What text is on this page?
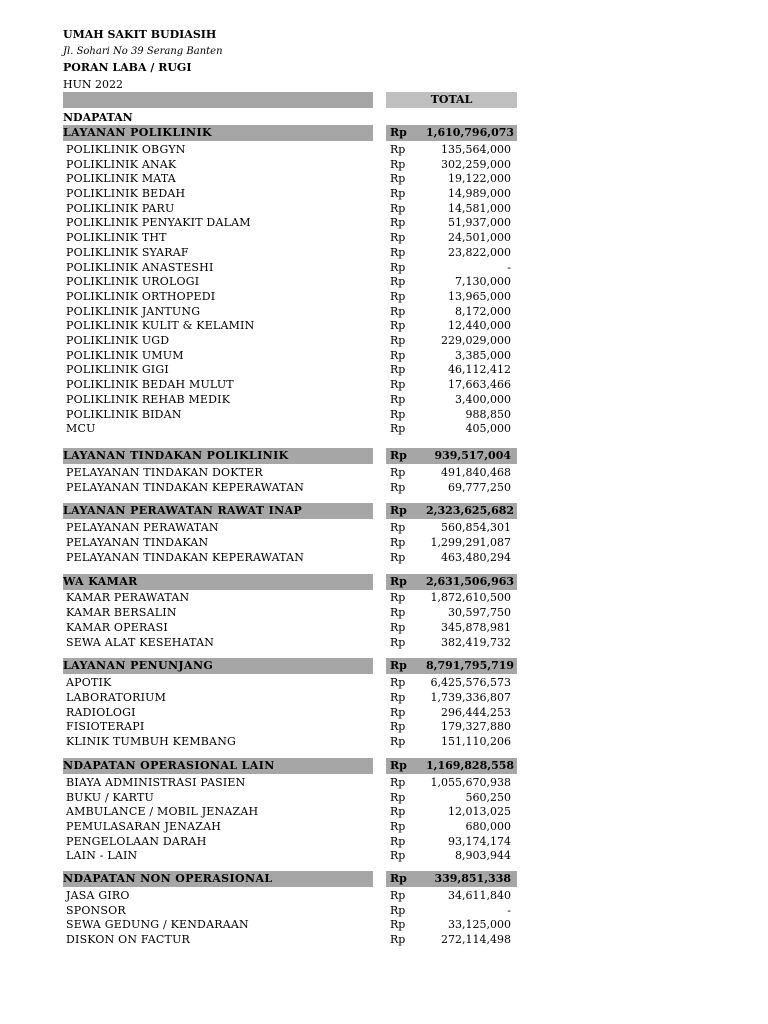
UMAH SAKIT BUDIASIH
Jl. Sohari No 39 Serang Banten
PORAN LABA / RUGI
HUN 2022
TOTAL
NDAPATAN
LAYANAN POLIKLINIK	Rp	1,610,796,073
POLIKLINIK OBGYN	Rp	135,564,000
POLIKLINIK ANAK	Rp	302,259,000
POLIKLINIK MATA	Rp	19,122,000
POLIKLINIK BEDAH	Rp	14,989,000
POLIKLINIK PARU	Rp	14,581,000
POLIKLINIK PENYAKIT DALAM	Rp	51,937,000
POLIKLINIK THT	Rp	24,501,000
POLIKLINIK SYARAF	Rp	23,822,000
POLIKLINIK ANASTESHI	Rp	-
POLIKLINIK UROLOGI	Rp	7,130,000
POLIKLINIK ORTHOPEDI	Rp	13,965,000
POLIKLINIK JANTUNG	Rp	8,172,000
POLIKLINIK KULIT & KELAMIN	Rp	12,440,000
POLIKLINIK UGD	Rp	229,029,000
POLIKLINIK UMUM	Rp	3,385,000
POLIKLINIK GIGI	Rp	46,112,412
POLIKLINIK BEDAH MULUT	Rp	17,663,466
POLIKLINIK REHAB MEDIK	Rp	3,400,000
POLIKLINIK BIDAN	Rp	988,850
MCU	Rp	405,000
LAYANAN TINDAKAN POLIKLINIK	Rp	939,517,004
PELAYANAN TINDAKAN DOKTER	Rp	491,840,468
PELAYANAN TINDAKAN KEPERAWATAN	Rp	69,777,250
LAYANAN PERAWATAN RAWAT INAP	Rp	2,323,625,682
PELAYANAN PERAWATAN	Rp	560,854,301
PELAYANAN TINDAKAN	Rp	1,299,291,087
PELAYANAN TINDAKAN KEPERAWATAN	Rp	463,480,294
WA KAMAR	Rp	2,631,506,963
KAMAR PERAWATAN	Rp	1,872,610,500
KAMAR BERSALIN	Rp	30,597,750
KAMAR OPERASI	Rp	345,878,981
SEWA ALAT KESEHATAN	Rp	382,419,732
LAYANAN PENUNJANG	Rp	8,791,795,719
APOTIK	Rp	6,425,576,573
LABORATORIUM	Rp	1,739,336,807
RADIOLOGI	Rp	296,444,253
FISIOTERAPI	Rp	179,327,880
KLINIK TUMBUH KEMBANG	Rp	151,110,206
NDAPATAN OPERASIONAL LAIN	Rp	1,169,828,558
BIAYA ADMINISTRASI PASIEN	Rp	1,055,670,938
BUKU / KARTU	Rp	560,250
AMBULANCE / MOBIL JENAZAH	Rp	12,013,025
PEMULASARAN JENAZAH	Rp	680,000
PENGELOLAAN DARAH	Rp	93,174,174
LAIN - LAIN	Rp	8,903,944
NDAPATAN NON OPERASIONAL	Rp	339,851,338
JASA GIRO	Rp	34,611,840
SPONSOR	Rp	-
SEWA GEDUNG / KENDARAAN	Rp	33,125,000
DISKON ON FACTUR	Rp	272,114,498
